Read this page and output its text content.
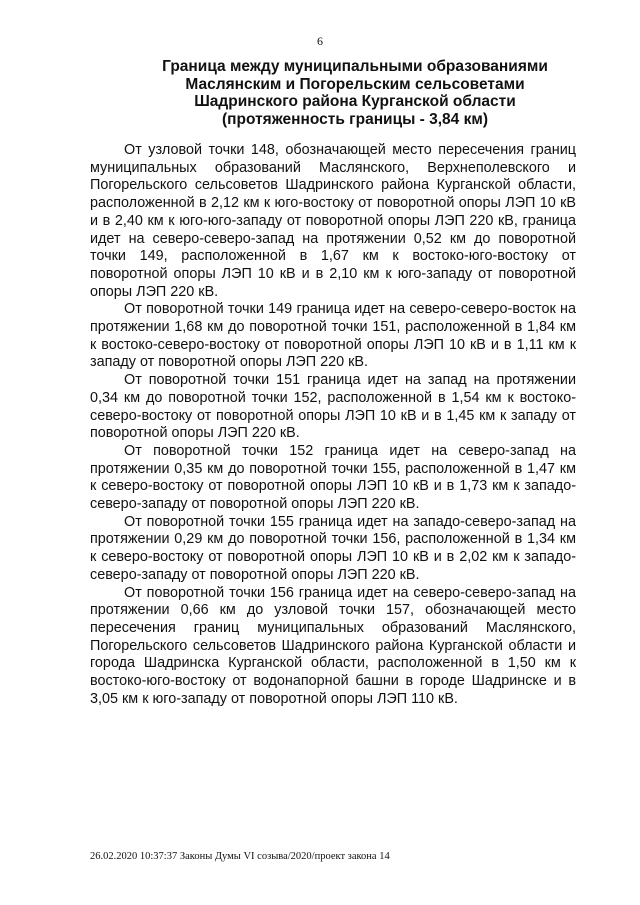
6
Граница между муниципальными образованиями
Маслянским и Погорельским сельсоветами
Шадринского района Курганской области
(протяженность границы - 3,84 км)

От узловой точки 148, обозначающей место пересечения границ муниципальных образований Маслянского, Верхнеполевского и Погорельского сельсоветов Шадринского района Курганской области, расположенной в 2,12 км к юго-востоку от поворотной опоры ЛЭП 10 кВ и в 2,40 км к юго-юго-западу от поворотной опоры ЛЭП 220 кВ, граница идет на северо-северо-запад на протяжении 0,52 км до поворотной точки 149, расположенной в 1,67 км к востоко-юго-востоку от поворотной опоры ЛЭП 10 кВ и в 2,10 км к юго-западу от поворотной опоры ЛЭП 220 кВ.

От поворотной точки 149 граница идет на северо-северо-восток на протяжении 1,68 км до поворотной точки 151, расположенной в 1,84 км к востоко-северо-востоку от поворотной опоры ЛЭП 10 кВ и в 1,11 км к западу от поворотной опоры ЛЭП 220 кВ.

От поворотной точки 151 граница идет на запад на протяжении 0,34 км до поворотной точки 152, расположенной в 1,54 км к востоко-северо-востоку от поворотной опоры ЛЭП 10 кВ и в 1,45 км к западу от поворотной опоры ЛЭП 220 кВ.

От поворотной точки 152 граница идет на северо-запад на протяжении 0,35 км до поворотной точки 155, расположенной в 1,47 км к северо-востоку от поворотной опоры ЛЭП 10 кВ и в 1,73 км к западо-северо-западу от поворотной опоры ЛЭП 220 кВ.

От поворотной точки 155 граница идет на западо-северо-запад на протяжении 0,29 км до поворотной точки 156, расположенной в 1,34 км к северо-востоку от поворотной опоры ЛЭП 10 кВ и в 2,02 км к западо-северо-западу от поворотной опоры ЛЭП 220 кВ.

От поворотной точки 156 граница идет на северо-северо-запад на протяжении 0,66 км до узловой точки 157, обозначающей место пересечения границ муниципальных образований Маслянского, Погорельского сельсоветов Шадринского района Курганской области и города Шадринска Курганской области, расположенной в 1,50 км к востоко-юго-востоку от водонапорной башни в городе Шадринске и в 3,05 км к юго-западу от поворотной опоры ЛЭП 110 кВ.

26.02.2020 10:37:37 Законы Думы VI созыва/2020/проект закона 14
